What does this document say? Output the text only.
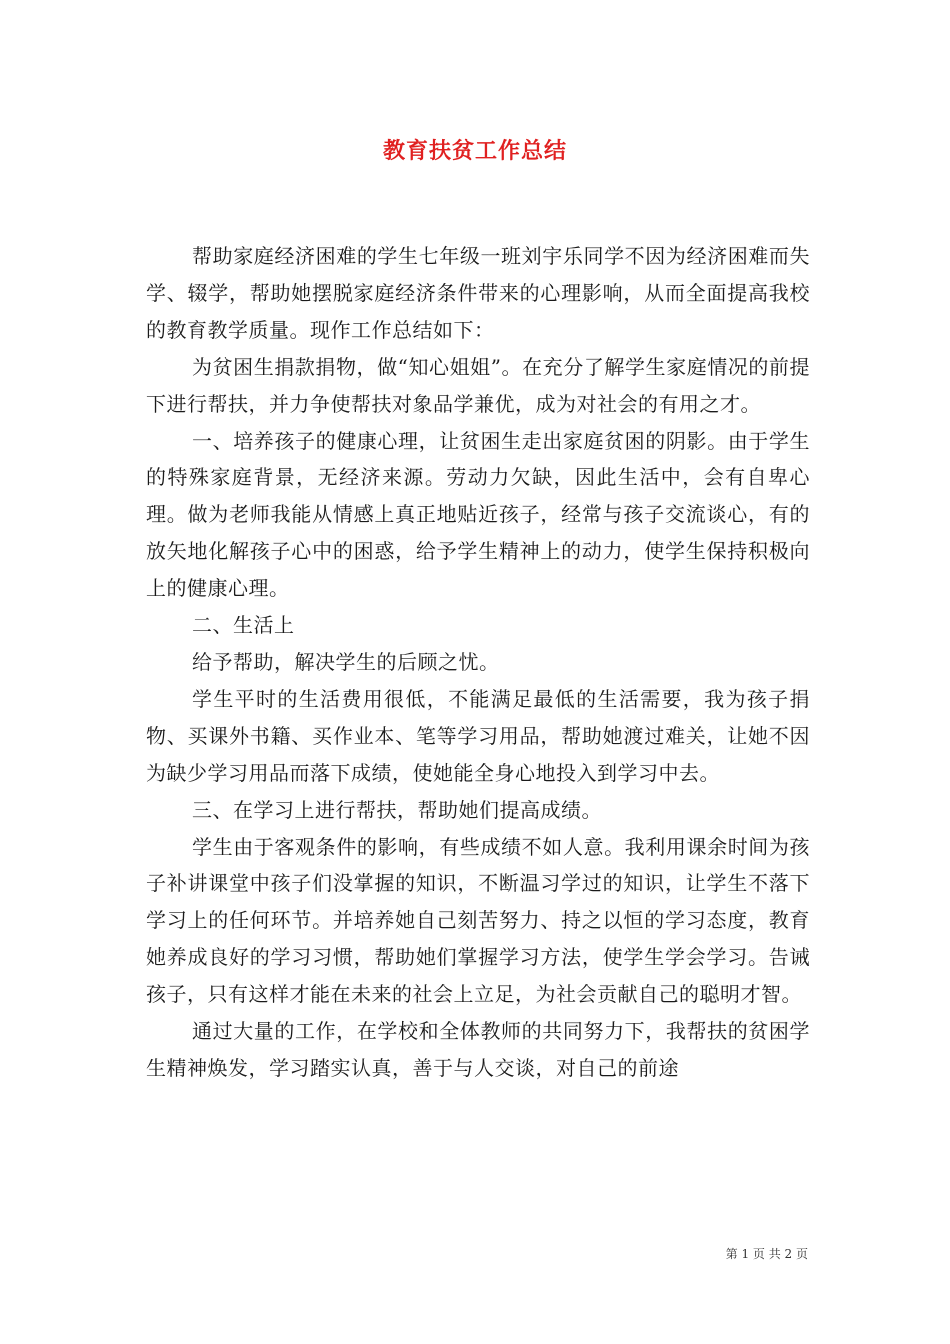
教育扶贫工作总结

帮助家庭经济困难的学生七年级一班刘宇乐同学不因为经济困难而失学、辍学，帮助她摆脱家庭经济条件带来的心理影响，从而全面提高我校的教育教学质量。现作工作总结如下：

为贫困生捐款捐物，做“知心姐姐”。在充分了解学生家庭情况的前提下进行帮扶，并力争使帮扶对象品学兼优，成为对社会的有用之才。

一、培养孩子的健康心理，让贫困生走出家庭贫困的阴影。由于学生的特殊家庭背景，无经济来源。劳动力欠缺，因此生活中，会有自卑心理。做为老师我能从情感上真正地贴近孩子，经常与孩子交流谈心，有的放矢地化解孩子心中的困惑，给予学生精神上的动力，使学生保持积极向上的健康心理。

二、生活上

给予帮助，解决学生的后顾之忧。

学生平时的生活费用很低，不能满足最低的生活需要，我为孩子捐物、买课外书籍、买作业本、笔等学习用品，帮助她渡过难关，让她不因为缺少学习用品而落下成绩，使她能全身心地投入到学习中去。

三、在学习上进行帮扶，帮助她们提高成绩。

学生由于客观条件的影响，有些成绩不如人意。我利用课余时间为孩子补讲课堂中孩子们没掌握的知识，不断温习学过的知识，让学生不落下学习上的任何环节。并培养她自己刻苦努力、持之以恒的学习态度，教育她养成良好的学习习惯，帮助她们掌握学习方法，使学生学会学习。告诫孩子，只有这样才能在未来的社会上立足，为社会贡献自己的聪明才智。

通过大量的工作，在学校和全体教师的共同努力下，我帮扶的贫困学生精神焕发，学习踏实认真，善于与人交谈，对自己的前途

第 1 页 共 2 页
